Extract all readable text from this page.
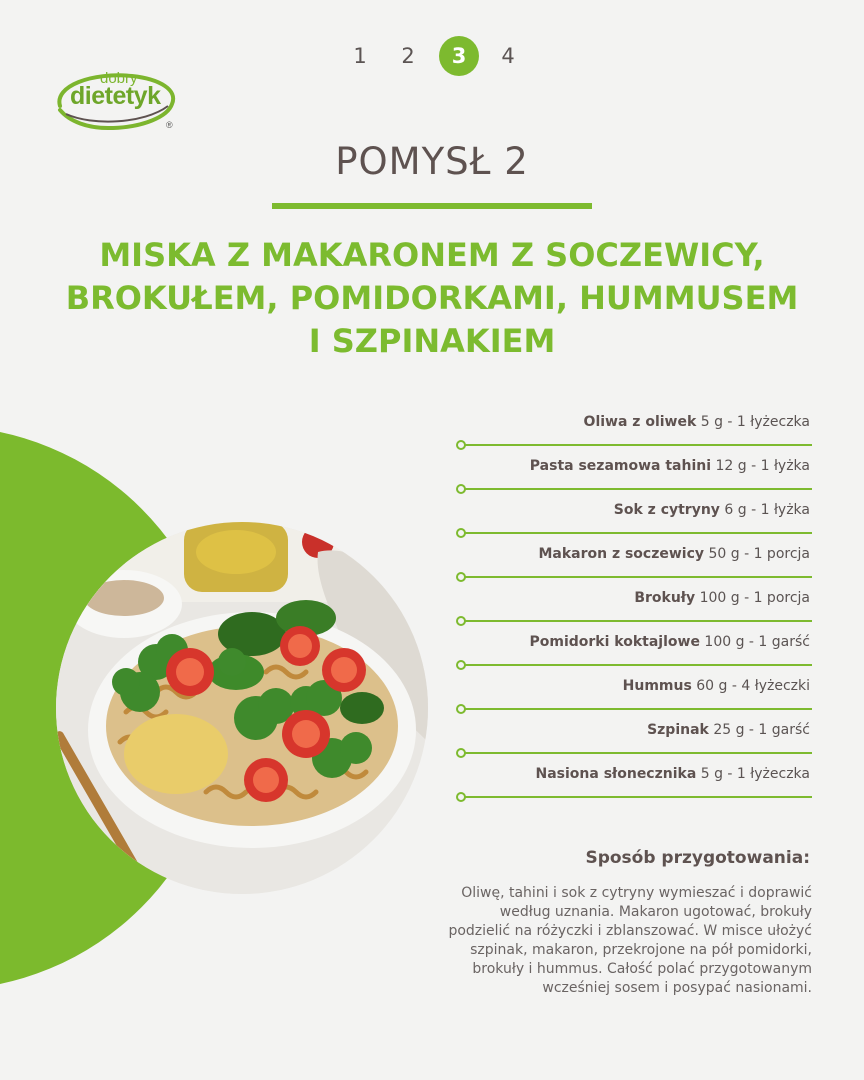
1	2	3	4
dobry
dietetyk
®
POMYSŁ 2
MISKA Z MAKARONEM Z SOCZEWICY,
BROKUŁEM, POMIDORKAMI, HUMMUSEM
I SZPINAKIEM
Oliwa z oliwek 5 g - 1 łyżeczka
Pasta sezamowa tahini 12 g - 1 łyżka
Sok z cytryny 6 g - 1 łyżka
Makaron z soczewicy 50 g - 1 porcja
Brokuły 100 g - 1 porcja
Pomidorki koktajlowe 100 g - 1 garść
Hummus 60 g - 4 łyżeczki
Szpinak 25 g - 1 garść
Nasiona słonecznika 5 g - 1 łyżeczka
Sposób przygotowania:
Oliwę, tahini i sok z cytryny wymieszać i doprawić
według uznania. Makaron ugotować, brokuły
podzielić na różyczki i zblanszować. W misce ułożyć
szpinak, makaron, przekrojone na pół pomidorki,
brokuły i hummus. Całość polać przygotowanym
wcześniej sosem i posypać nasionami.
